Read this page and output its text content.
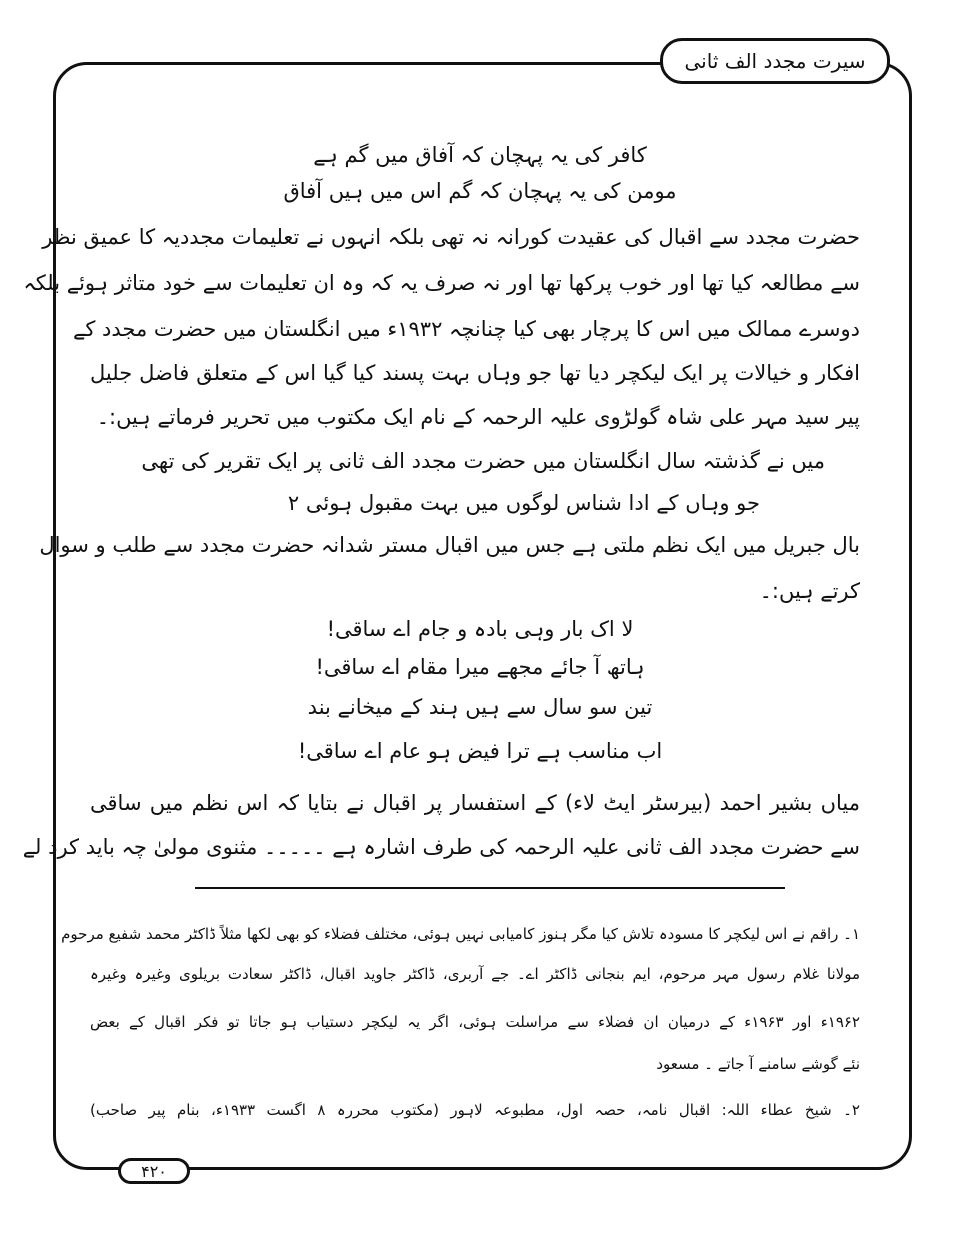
سیرت مجدد الف ثانی
کافر کی یہ پہچان کہ آفاق میں گم ہے
مومن کی یہ پہچان کہ گم اس میں ہیں آفاق
حضرت مجدد سے اقبال کی عقیدت کورانہ نہ تھی بلکہ انہوں نے تعلیمات مجددیہ کا عمیق نظر
سے مطالعہ کیا تھا اور خوب پرکھا تھا اور نہ صرف یہ کہ وہ ان تعلیمات سے خود متاثر ہوئے بلکہ
دوسرے ممالک میں اس کا پرچار بھی کیا چنانچہ ۱۹۳۲ء میں انگلستان میں حضرت مجدد کے
افکار و خیالات پر ایک لیکچر دیا تھا جو وہاں بہت پسند کیا گیا اس کے متعلق فاضل جلیل
پیر سید مہر علی شاہ گولڑوی علیہ الرحمہ کے نام ایک مکتوب میں تحریر فرماتے ہیں:۔
میں نے گذشتہ سال انگلستان میں حضرت مجدد الف ثانی پر ایک تقریر کی تھی
جو وہاں کے ادا شناس لوگوں میں بہت مقبول ہوئی ۲
بال جبریل میں ایک نظم ملتی ہے جس میں اقبال مستر شدانہ حضرت مجدد سے طلب و سوال
کرتے ہیں:۔
لا اک بار وہی بادہ و جام اے ساقی!
ہاتھ آ جائے مجھے میرا مقام اے ساقی!
تین سو سال سے ہیں ہند کے میخانے بند
اب مناسب ہے ترا فیض ہو عام اے ساقی!
میاں بشیر احمد (بیرسٹر ایٹ لاء) کے استفسار پر اقبال نے بتایا کہ اس نظم میں ساقی
سے حضرت مجدد الف ثانی علیہ الرحمہ کی طرف اشارہ ہے ۔۔۔۔۔ مثنوی مولیٰ چہ باید کرد لے
۱۔ راقم نے اس لیکچر کا مسودہ تلاش کیا مگر ہنوز کامیابی نہیں ہوئی، مختلف فضلاء کو بھی لکھا مثلاً ڈاکٹر محمد شفیع مرحوم
مولانا غلام رسول مہر مرحوم، ایم بنجانی ڈاکٹر اے۔ جے آربری، ڈاکٹر جاوید اقبال، ڈاکٹر سعادت بریلوی وغیرہ وغیرہ
۱۹۶۲ء اور ۱۹۶۳ء کے درمیان ان فضلاء سے مراسلت ہوئی، اگر یہ لیکچر دستیاب ہو جاتا تو فکر اقبال کے بعض
نئے گوشے سامنے آ جاتے ۔ مسعود
۲۔ شیخ عطاء اللہ: اقبال نامہ، حصہ اول، مطبوعہ لاہور (مکتوب محررہ ۸ اگست ۱۹۳۳ء، بنام پیر صاحب)
۴۲۰
